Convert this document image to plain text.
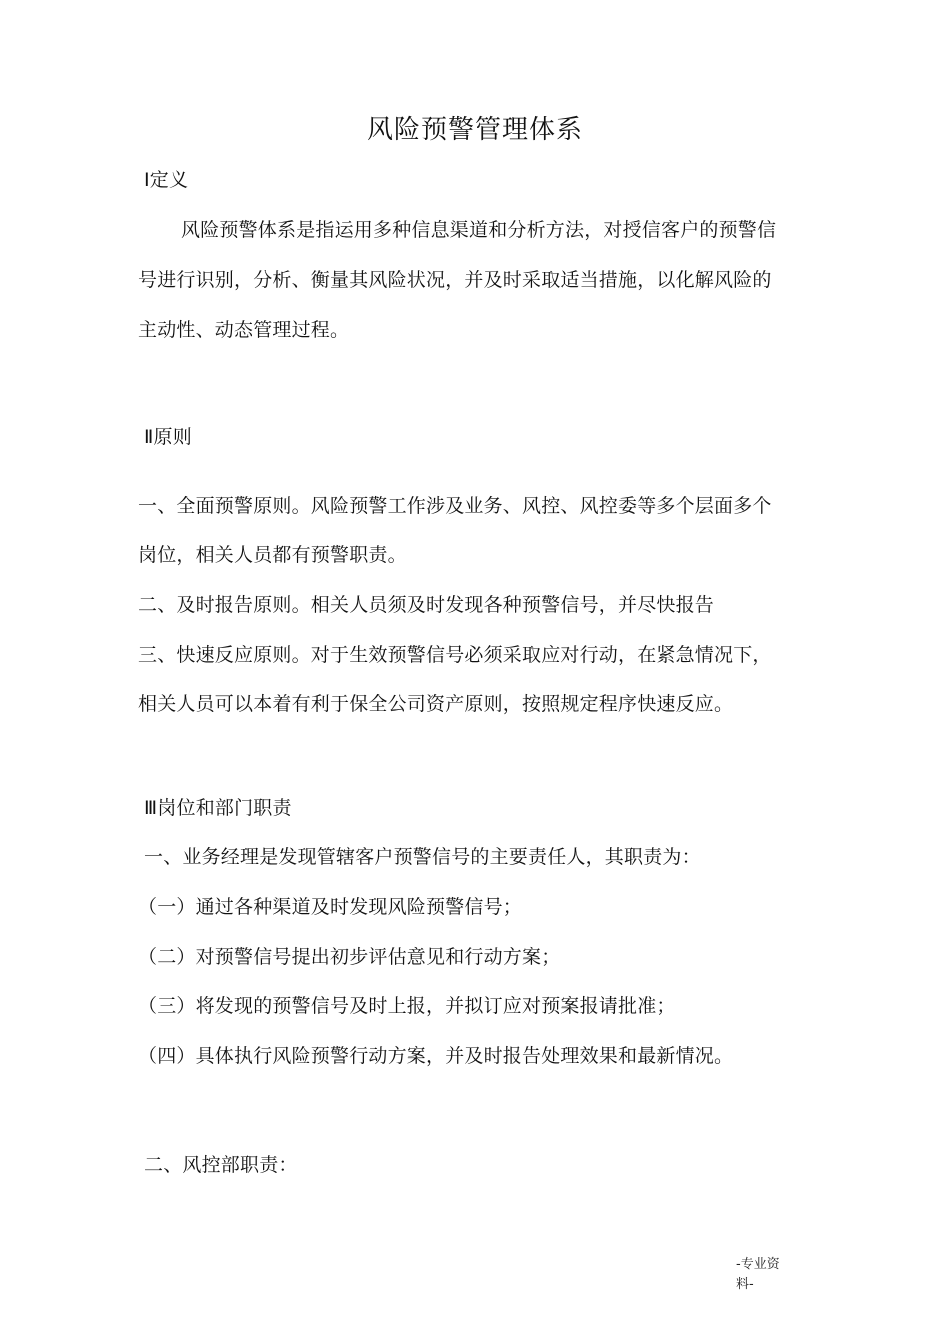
风险预警管理体系
Ⅰ定义
风险预警体系是指运用多种信息渠道和分析方法，对授信客户的预警信
号进行识别，分析、衡量其风险状况，并及时采取适当措施，以化解风险的
主动性、动态管理过程。
Ⅱ原则
一、全面预警原则。风险预警工作涉及业务、风控、风控委等多个层面多个
岗位，相关人员都有预警职责。
二、及时报告原则。相关人员须及时发现各种预警信号，并尽快报告
三、快速反应原则。对于生效预警信号必须采取应对行动，在紧急情况下，
相关人员可以本着有利于保全公司资产原则，按照规定程序快速反应。
Ⅲ岗位和部门职责
一、业务经理是发现管辖客户预警信号的主要责任人，其职责为：
（一）通过各种渠道及时发现风险预警信号；
（二）对预警信号提出初步评估意见和行动方案；
（三）将发现的预警信号及时上报，并拟订应对预案报请批准；
（四）具体执行风险预警行动方案，并及时报告处理效果和最新情况。
二、风控部职责：
-专业资料-
